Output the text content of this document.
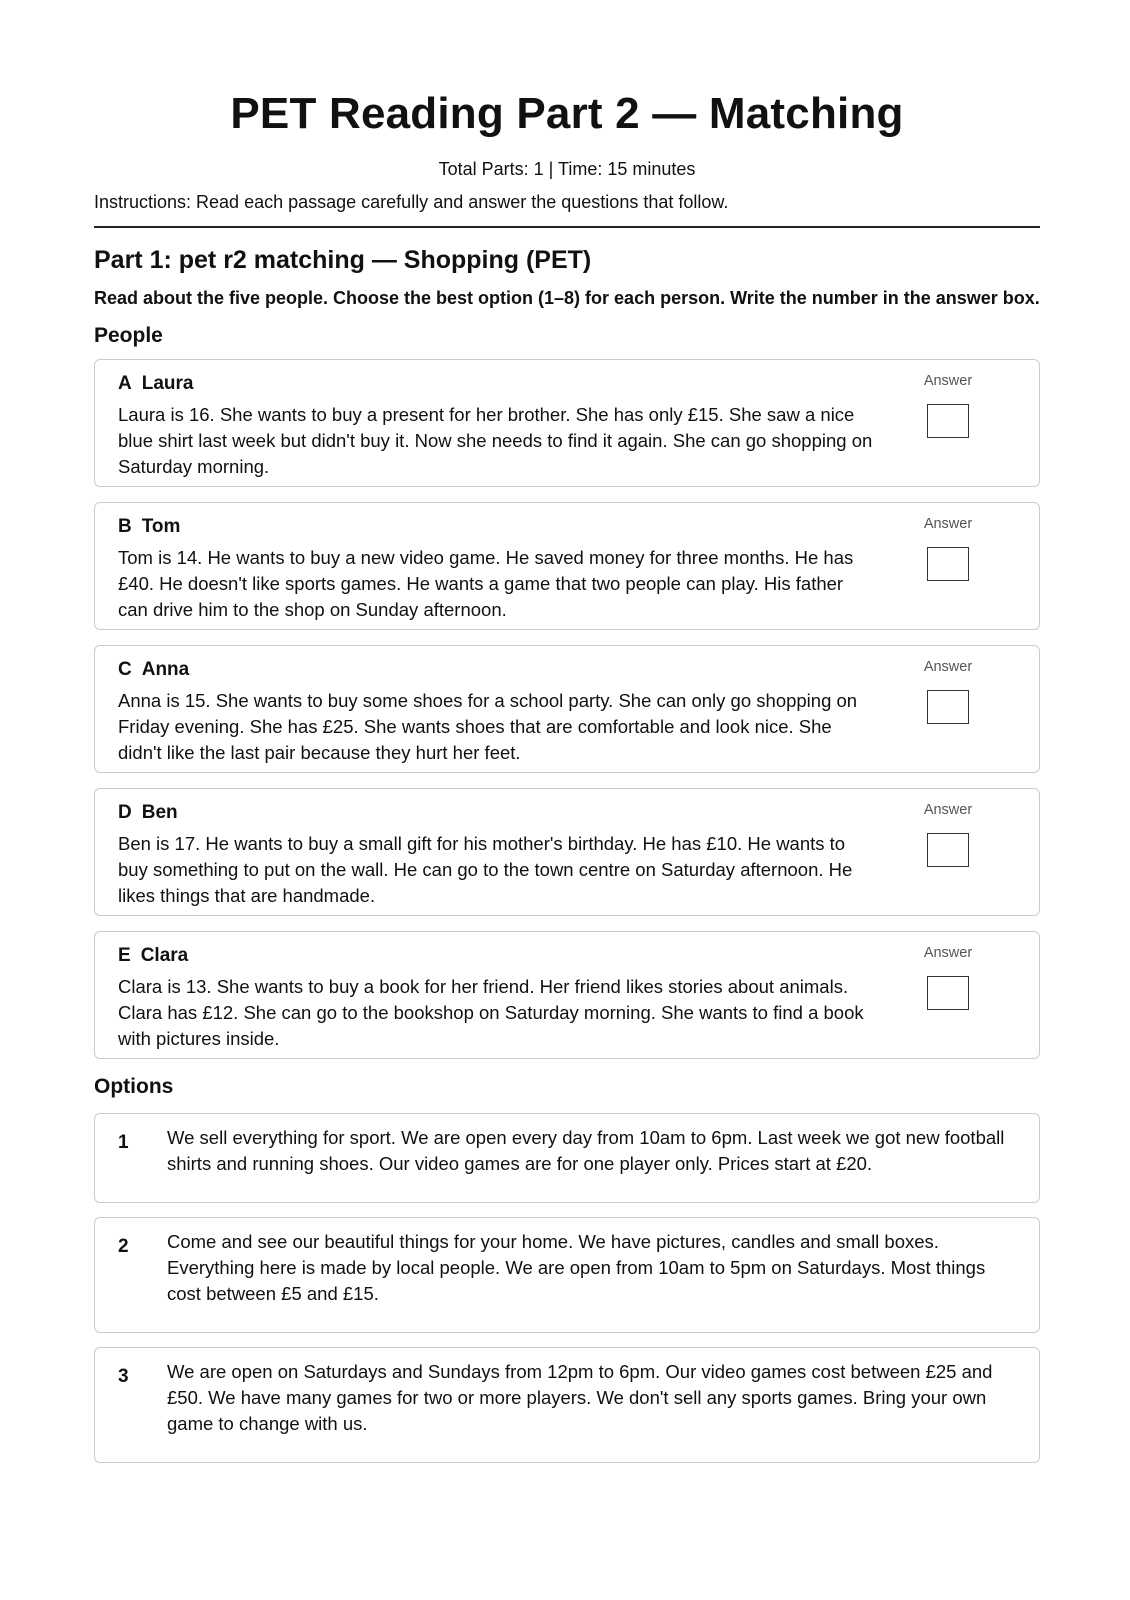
PET Reading Part 2 — Matching
Total Parts: 1 | Time: 15 minutes
Instructions: Read each passage carefully and answer the questions that follow.
Part 1: pet r2 matching — Shopping (PET)
Read about the five people. Choose the best option (1–8) for each person. Write the number in the answer box.
People
A Laura
Laura is 16. She wants to buy a present for her brother. She has only £15. She saw a nice blue shirt last week but didn't buy it. Now she needs to find it again. She can go shopping on Saturday morning.
Answer
B Tom
Tom is 14. He wants to buy a new video game. He saved money for three months. He has £40. He doesn't like sports games. He wants a game that two people can play. His father can drive him to the shop on Sunday afternoon.
Answer
C Anna
Anna is 15. She wants to buy some shoes for a school party. She can only go shopping on Friday evening. She has £25. She wants shoes that are comfortable and look nice. She didn't like the last pair because they hurt her feet.
Answer
D Ben
Ben is 17. He wants to buy a small gift for his mother's birthday. He has £10. He wants to buy something to put on the wall. He can go to the town centre on Saturday afternoon. He likes things that are handmade.
Answer
E Clara
Clara is 13. She wants to buy a book for her friend. Her friend likes stories about animals. Clara has £12. She can go to the bookshop on Saturday morning. She wants to find a book with pictures inside.
Answer
Options
1 We sell everything for sport. We are open every day from 10am to 6pm. Last week we got new football shirts and running shoes. Our video games are for one player only. Prices start at £20.
2 Come and see our beautiful things for your home. We have pictures, candles and small boxes. Everything here is made by local people. We are open from 10am to 5pm on Saturdays. Most things cost between £5 and £15.
3 We are open on Saturdays and Sundays from 12pm to 6pm. Our video games cost between £25 and £50. We have many games for two or more players. We don't sell any sports games. Bring your own game to change with us.
